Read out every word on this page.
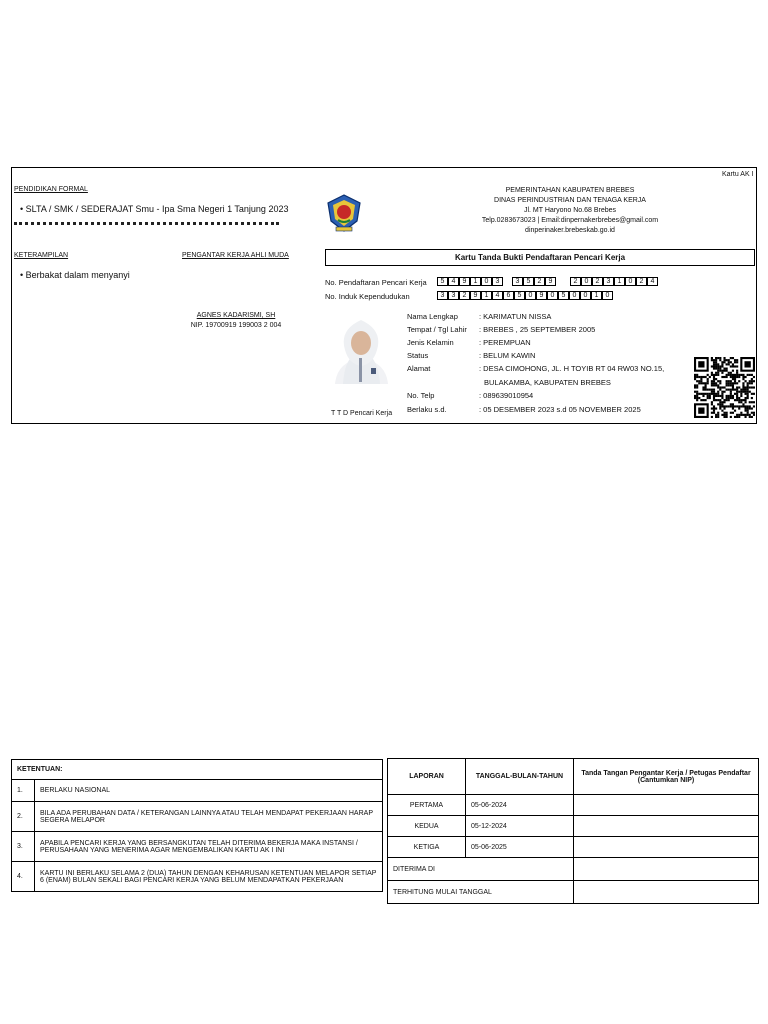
Kartu AK I
PENDIDIKAN FORMAL
• SLTA / SMK / SEDERAJAT Smu - Ipa Sma Negeri 1 Tanjung 2023
PEMERINTAHAN KABUPATEN BREBES
DINAS PERINDUSTRIAN DAN TENAGA KERJA
Jl. MT Haryono No.68 Brebes
Telp.0283673023 | Email:dinpernakerbrebes@gmail.com
dinperinaker.brebeskab.go.id
KETERAMPILAN
• Berbakat dalam menyanyi
PENGANTAR KERJA AHLI MUDA
AGNES KADARISMI, SH
NIP. 19700919 199003 2 004
Kartu Tanda Bukti Pendaftaran Pencari Kerja
No. Pendaftaran Pencari Kerja	5	4	9	1	0	3	3	5	2	9	2	0	2	3	1	0	2	4
No. Induk Kependudukan	3	3	2	9	1	4	6	5	0	9	0	5	0	0	1	0
T T D Pencari Kerja
Nama Lengkap	: KARIMATUN NISSA
Tempat / Tgl Lahir : BREBES , 25 SEPTEMBER 2005
Jenis Kelamin	: PEREMPUAN
Status	: BELUM KAWIN
Alamat	: DESA CIMOHONG, JL. H TOYIB RT 04 RW03 NO.15,
BULAKAMBA, KABUPATEN BREBES
No. Telp	: 089639010954
Berlaku s.d.	: 05 DESEMBER 2023 s.d 05 NOVEMBER 2025
KETENTUAN:	
1.	BERLAKU NASIONAL
2.	BILA ADA PERUBAHAN DATA / KETERANGAN LAINNYA ATAU TELAH MENDAPAT PEKERJAAN HARAP SEGERA MELAPOR
3.	APABILA PENCARI KERJA YANG BERSANGKUTAN TELAH DITERIMA BEKERJA MAKA INSTANSI / PERUSAHAAN YANG MENERIMA AGAR MENGEMBALIKAN KARTU AK I INI
4.	KARTU INI BERLAKU SELAMA 2 (DUA) TAHUN DENGAN KEHARUSAN KETENTUAN MELAPOR SETIAP 6 (ENAM) BULAN SEKALI BAGI PENCARI KERJA YANG BELUM MENDAPATKAN PEKERJAAN
LAPORAN	TANGGAL-BULAN-TAHUN	Tanda Tangan Pengantar Kerja / Petugas Pendaftar
(Cantumkan NIP)

PERTAMA	05-06-2024	
KEDUA	05-12-2024	
KETIGA	05-06-2025	
DITERIMA DI		
TERHITUNG MULAI TANGGAL		
